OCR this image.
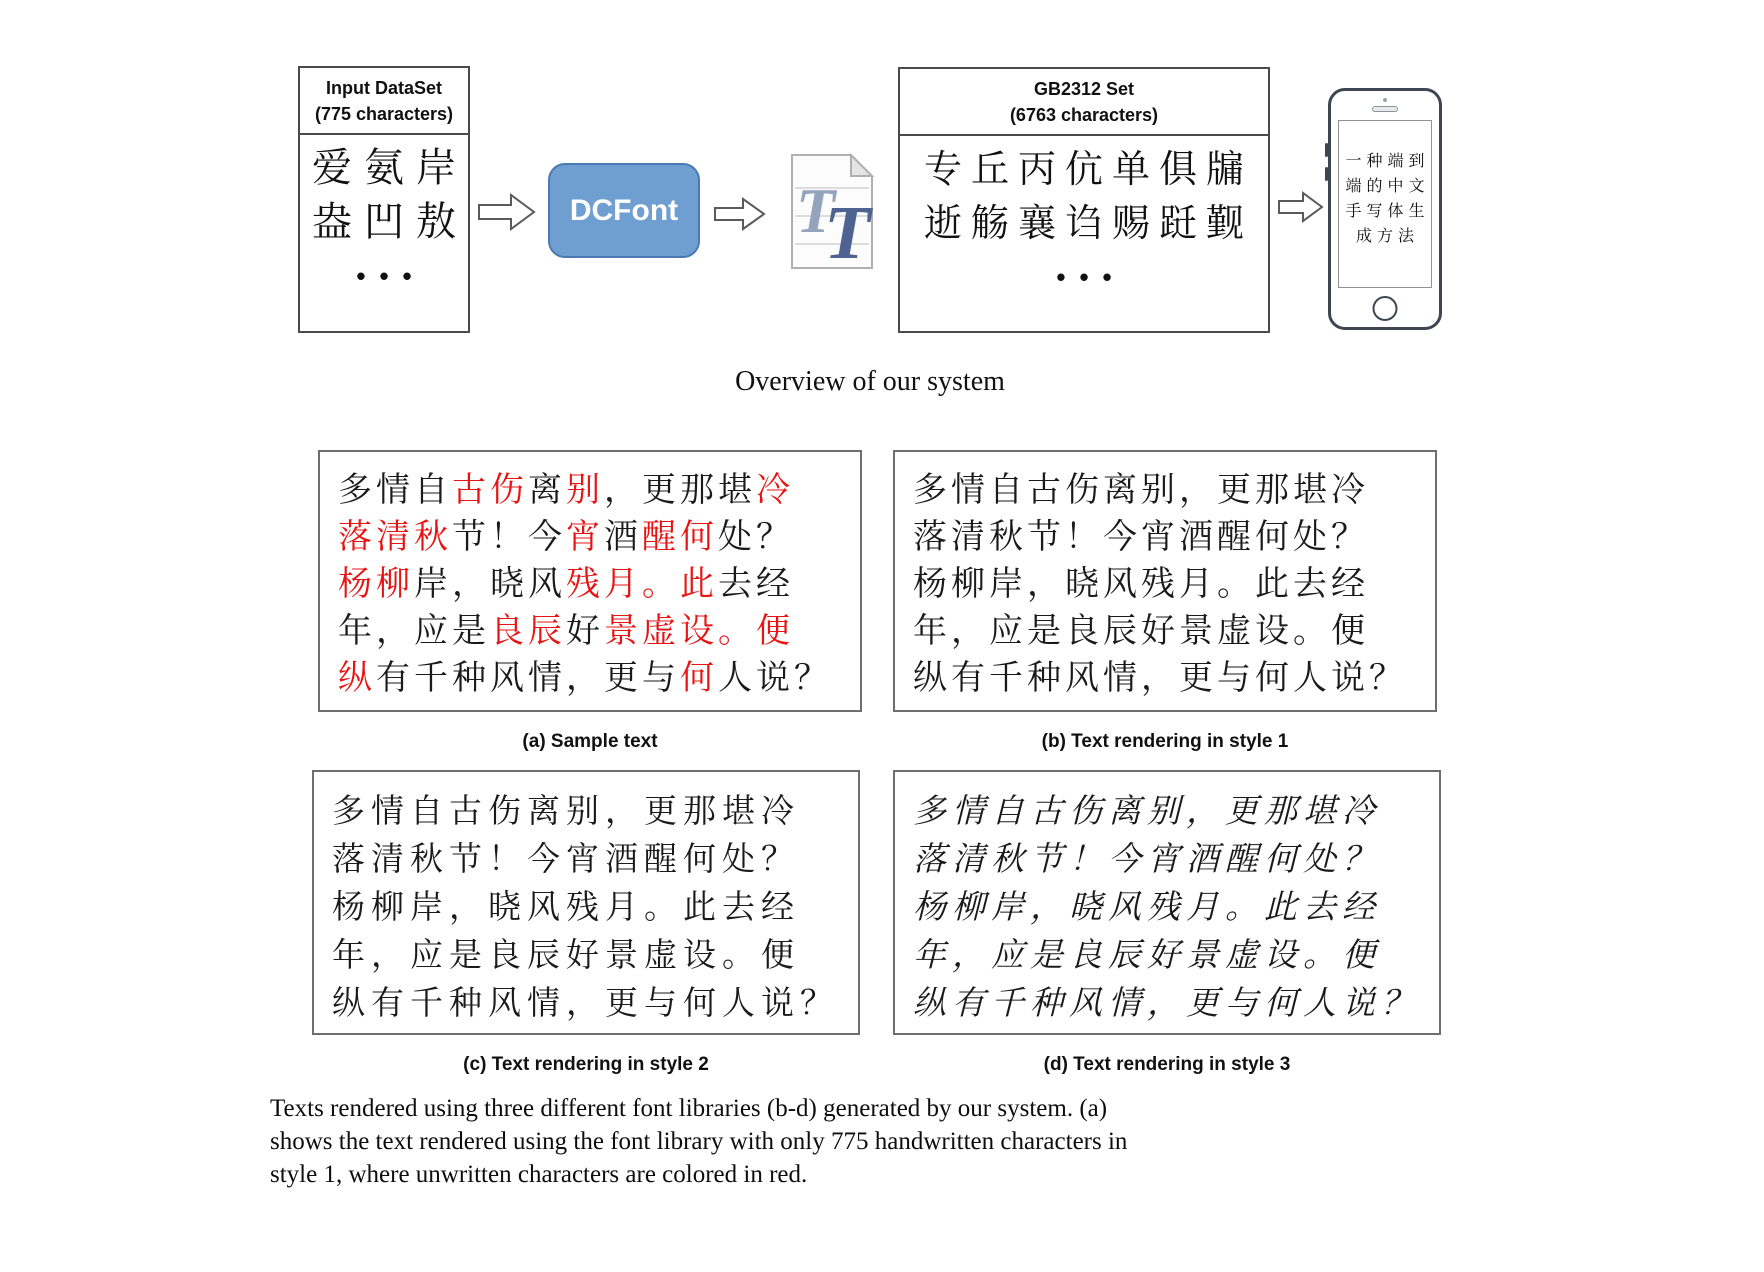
Input DataSet
(775 characters)
爱氨岸
盎凹敖
•••
DCFont	T
T
GB2312 Set
(6763 characters)
专丘丙伉单俱牖
逝觞襄诌赐跹觐
•••
一种端到
端的中文
手写体生
成方法
Overview of our system
多情自古伤离别，更那堪冷
落清秋节！今宵酒醒何处？
杨柳岸，晓风残月。此去经
年，应是良辰好景虚设。便
纵有千种风情，更与何人说？
(a) Sample text
多情自古伤离别，更那堪冷
落清秋节！今宵酒醒何处？
杨柳岸，晓风残月。此去经
年，应是良辰好景虚设。便
纵有千种风情，更与何人说？
(b) Text rendering in style 1
多情自古伤离别，更那堪冷
落清秋节！今宵酒醒何处？
杨柳岸，晓风残月。此去经
年，应是良辰好景虚设。便
纵有千种风情，更与何人说？
(c) Text rendering in style 2
多情自古伤离别，更那堪冷
落清秋节！今宵酒醒何处？
杨柳岸，晓风残月。此去经
年，应是良辰好景虚设。便
纵有千种风情，更与何人说？
(d) Text rendering in style 3
Texts rendered using three different font libraries (b-d) generated by our system. (a)
shows the text rendered using the font library with only 775 handwritten characters in
style 1, where unwritten characters are colored in red.
